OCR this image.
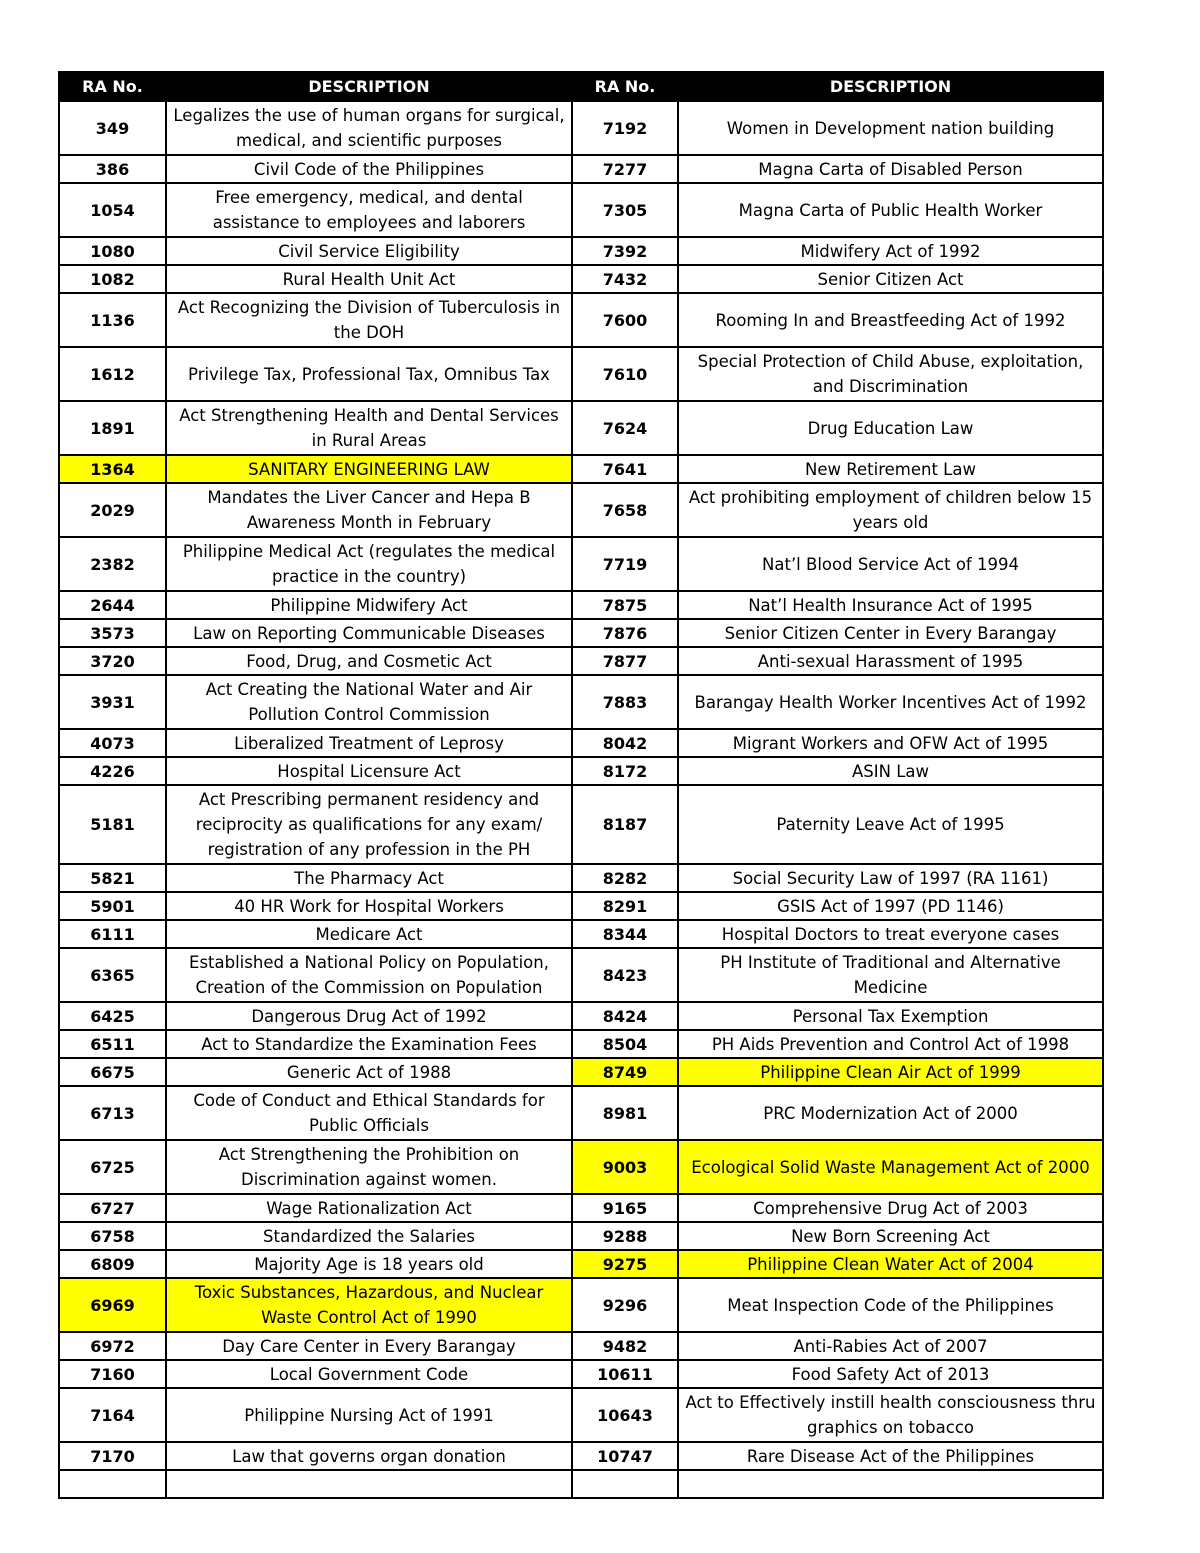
RA No.	DESCRIPTION	RA No.	DESCRIPTION
349	Legalizes the use of human organs for surgical, medical, and scientific purposes	7192	Women in Development nation building
386	Civil Code of the Philippines	7277	Magna Carta of Disabled Person
1054	Free emergency, medical, and dental assistance to employees and laborers	7305	Magna Carta of Public Health Worker
1080	Civil Service Eligibility	7392	Midwifery Act of 1992
1082	Rural Health Unit Act	7432	Senior Citizen Act
1136	Act Recognizing the Division of Tuberculosis in the DOH	7600	Rooming In and Breastfeeding Act of 1992
1612	Privilege Tax, Professional Tax, Omnibus Tax	7610	Special Protection of Child Abuse, exploitation, and Discrimination
1891	Act Strengthening Health and Dental Services in Rural Areas	7624	Drug Education Law
1364	SANITARY ENGINEERING LAW	7641	New Retirement Law
2029	Mandates the Liver Cancer and Hepa B Awareness Month in February	7658	Act prohibiting employment of children below 15 years old
2382	Philippine Medical Act (regulates the medical practice in the country)	7719	Nat’l Blood Service Act of 1994
2644	Philippine Midwifery Act	7875	Nat’l Health Insurance Act of 1995
3573	Law on Reporting Communicable Diseases	7876	Senior Citizen Center in Every Barangay
3720	Food, Drug, and Cosmetic Act	7877	Anti-sexual Harassment of 1995
3931	Act Creating the National Water and Air Pollution Control Commission	7883	Barangay Health Worker Incentives Act of 1992
4073	Liberalized Treatment of Leprosy	8042	Migrant Workers and OFW Act of 1995
4226	Hospital Licensure Act	8172	ASIN Law
5181	Act Prescribing permanent residency and reciprocity as qualifications for any exam/ registration of any profession in the PH	8187	Paternity Leave Act of 1995
5821	The Pharmacy Act	8282	Social Security Law of 1997 (RA 1161)
5901	40 HR Work for Hospital Workers	8291	GSIS Act of 1997 (PD 1146)
6111	Medicare Act	8344	Hospital Doctors to treat everyone cases
6365	Established a National Policy on Population, Creation of the Commission on Population	8423	PH Institute of Traditional and Alternative Medicine
6425	Dangerous Drug Act of 1992	8424	Personal Tax Exemption
6511	Act to Standardize the Examination Fees	8504	PH Aids Prevention and Control Act of 1998
6675	Generic Act of 1988	8749	Philippine Clean Air Act of 1999
6713	Code of Conduct and Ethical Standards for Public Officials	8981	PRC Modernization Act of 2000
6725	Act Strengthening the Prohibition on Discrimination against women.	9003	Ecological Solid Waste Management Act of 2000
6727	Wage Rationalization Act	9165	Comprehensive Drug Act of 2003
6758	Standardized the Salaries	9288	New Born Screening Act
6809	Majority Age is 18 years old	9275	Philippine Clean Water Act of 2004
6969	Toxic Substances, Hazardous, and Nuclear Waste Control Act of 1990	9296	Meat Inspection Code of the Philippines
6972	Day Care Center in Every Barangay	9482	Anti-Rabies Act of 2007
7160	Local Government Code	10611	Food Safety Act of 2013
7164	Philippine Nursing Act of 1991	10643	Act to Effectively instill health consciousness thru graphics on tobacco
7170	Law that governs organ donation	10747	Rare Disease Act of the Philippines
